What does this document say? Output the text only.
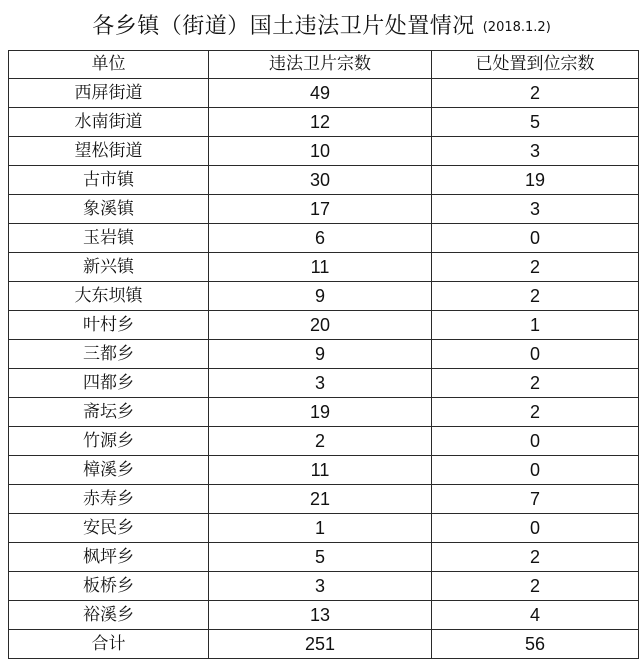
各乡镇（街道）国土违法卫片处置情况 (2018.1.2)
单位	违法卫片宗数	已处置到位宗数
西屏街道	49	2
水南街道	12	5
望松街道	10	3
古市镇	30	19
象溪镇	17	3
玉岩镇	6	0
新兴镇	11	2
大东坝镇	9	2
叶村乡	20	1
三都乡	9	0
四都乡	3	2
斋坛乡	19	2
竹源乡	2	0
樟溪乡	11	0
赤寿乡	21	7
安民乡	1	0
枫坪乡	5	2
板桥乡	3	2
裕溪乡	13	4
合计	251	56
